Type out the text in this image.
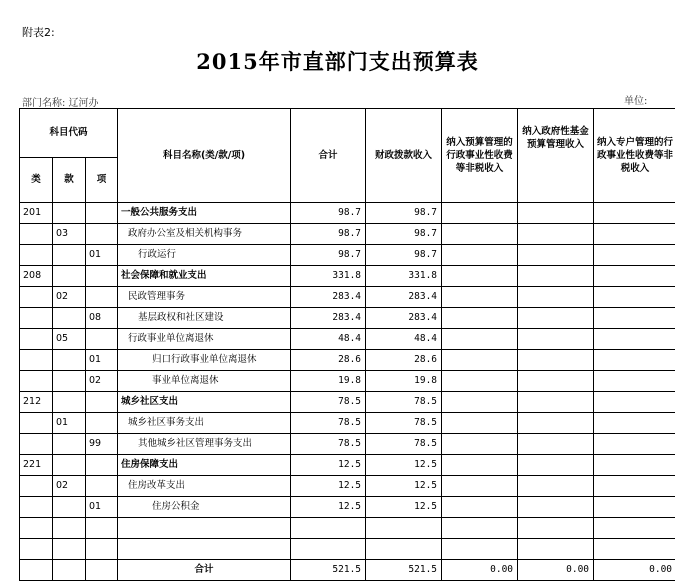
附表2:
2015年市直部门支出预算表
部门名称: 辽河办	单位:
科目代码			科目名称(类/款/项)	合计	财政拨款收入	纳入预算管理的行政事业性收费等非税收入	纳入政府性基金预算管理收入	纳入专户管理的行政事业性收费等非税收入
类	款	项						
201			一般公共服务支出	98.7	98.7			
	03		政府办公室及相关机构事务	98.7	98.7			
		01	行政运行	98.7	98.7			
208			社会保障和就业支出	331.8	331.8			
	02		民政管理事务	283.4	283.4			
		08	基层政权和社区建设	283.4	283.4			
	05		行政事业单位离退休	48.4	48.4			
		01	归口行政事业单位离退休	28.6	28.6			
		02	事业单位离退休	19.8	19.8			
212			城乡社区支出	78.5	78.5			
	01		城乡社区事务支出	78.5	78.5			
		99	其他城乡社区管理事务支出	78.5	78.5			
221			住房保障支出	12.5	12.5			
	02		住房改革支出	12.5	12.5			
		01	住房公积金	12.5	12.5			

			合计	521.5	521.5	0.00	0.00	0.00
